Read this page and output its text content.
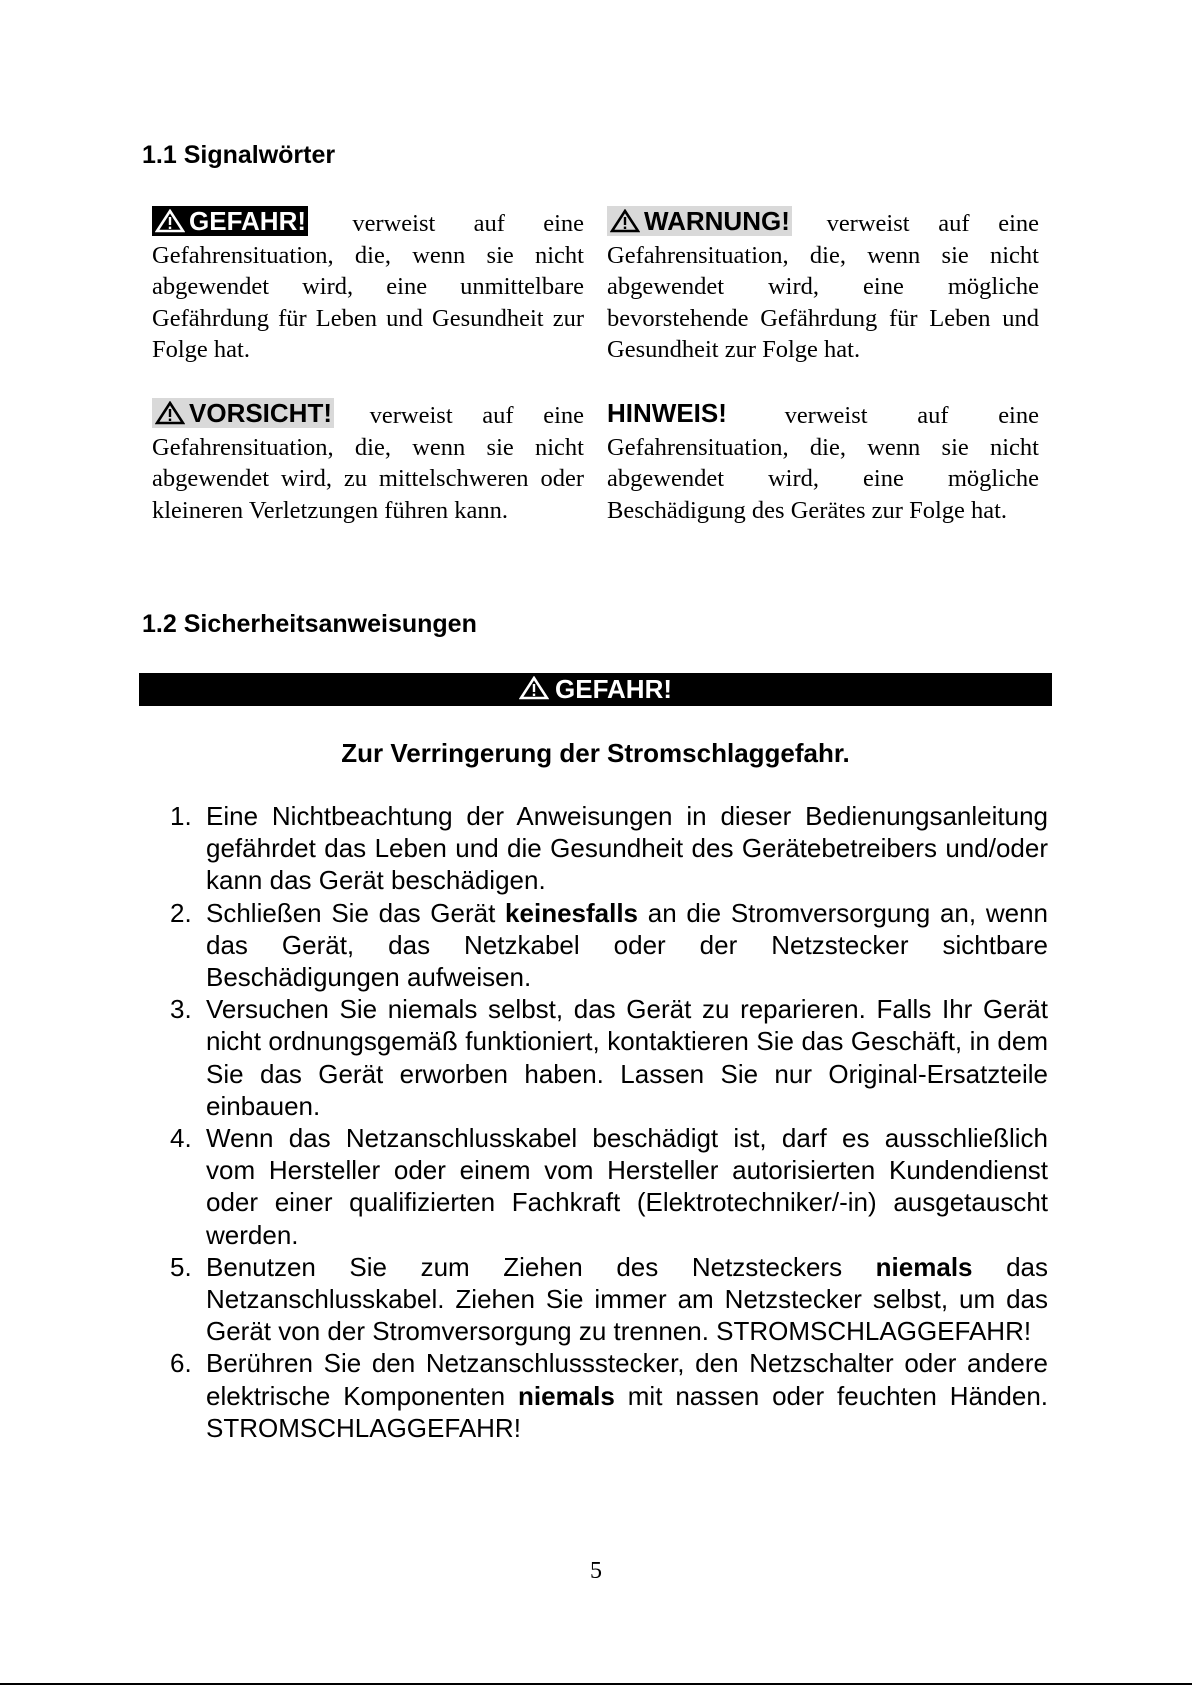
1.1 Signalwörter
GEFAHR! verweist auf eine Gefahrensituation, die, wenn sie nicht abgewendet wird, eine unmittelbare Gefährdung für Leben und Gesundheit zur Folge hat.
WARNUNG! verweist auf eine Gefahrensituation, die, wenn sie nicht abgewendet wird, eine mögliche bevorstehende Gefährdung für Leben und Gesundheit zur Folge hat.
VORSICHT! verweist auf eine Gefahrensituation, die, wenn sie nicht abgewendet wird, zu mittelschweren oder kleineren Verletzungen führen kann.
HINWEIS! verweist auf eine Gefahrensituation, die, wenn sie nicht abgewendet wird, eine mögliche Beschädigung des Gerätes zur Folge hat.
1.2 Sicherheitsanweisungen
GEFAHR!

Zur Verringerung der Stromschlaggefahr.

1. Eine Nichtbeachtung der Anweisungen in dieser Bedienungsanleitung gefährdet das Leben und die Gesundheit des Gerätebetreibers und/oder kann das Gerät beschädigen.
2. Schließen Sie das Gerät keinesfalls an die Stromversorgung an, wenn das Gerät, das Netzkabel oder der Netzstecker sichtbare Beschädigungen aufweisen.
3. Versuchen Sie niemals selbst, das Gerät zu reparieren. Falls Ihr Gerät nicht ordnungsgemäß funktioniert, kontaktieren Sie das Geschäft, in dem Sie das Gerät erworben haben. Lassen Sie nur Original-Ersatzteile einbauen.
4. Wenn das Netzanschlusskabel beschädigt ist, darf es ausschließlich vom Hersteller oder einem vom Hersteller autorisierten Kundendienst oder einer qualifizierten Fachkraft (Elektrotechniker/-in) ausgetauscht werden.
5. Benutzen Sie zum Ziehen des Netzsteckers niemals das Netzanschlusskabel. Ziehen Sie immer am Netzstecker selbst, um das Gerät von der Stromversorgung zu trennen. STROMSCHLAGGEFAHR!
6. Berühren Sie den Netzanschlussstecker, den Netzschalter oder andere elektrische Komponenten niemals mit nassen oder feuchten Händen. STROMSCHLAGGEFAHR!
5
